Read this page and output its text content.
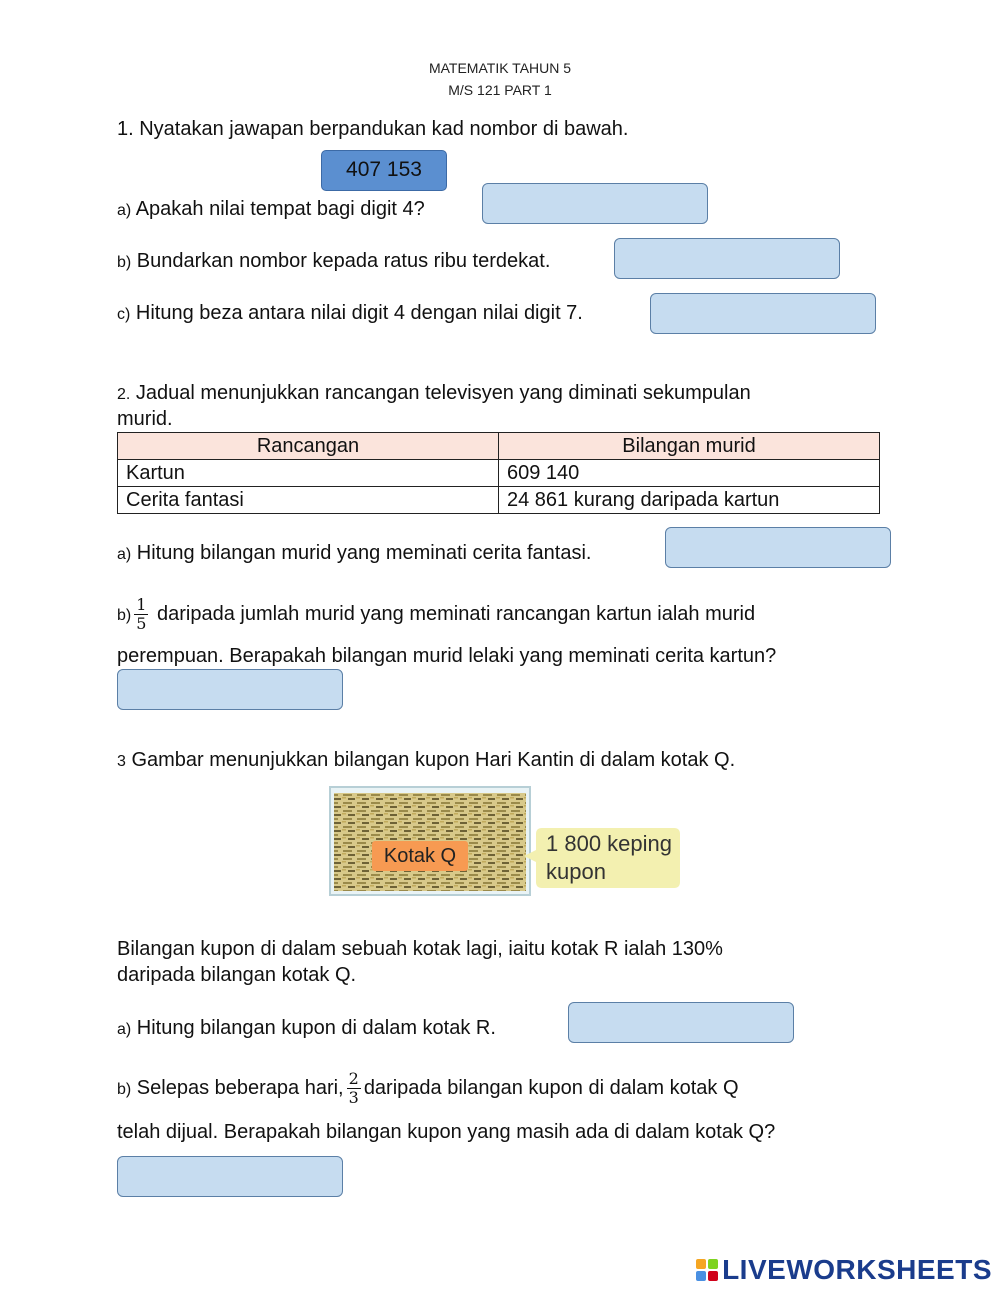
MATEMATIK TAHUN 5
M/S 121 PART 1
1. Nyatakan jawapan berpandukan kad nombor di bawah.
407 153
a) Apakah nilai tempat bagi digit 4?
b) Bundarkan nombor kepada ratus ribu terdekat.
c) Hitung beza antara nilai digit 4 dengan nilai digit 7.
2. Jadual menunjukkan rancangan televisyen yang diminati sekumpulan
murid.
Rancangan	Bilangan murid
Kartun	609 140
Cerita fantasi	24 861 kurang daripada kartun
a) Hitung bilangan murid yang meminati cerita fantasi.
$b) \frac{1}{5}$ daripada jumlah murid yang meminati rancangan kartun ialah murid
perempuan. Berapakah bilangan murid lelaki yang meminati cerita kartun?
3 Gambar menunjukkan bilangan kupon Hari Kantin di dalam kotak Q.
Kotak Q	1 800 keping
kupon
Bilangan kupon di dalam sebuah kotak lagi, iaitu kotak R ialah 130%
daripada bilangan kotak Q.
a) Hitung bilangan kupon di dalam kotak R.
b) Selepas beberapa hari, $\frac{2}{3}$ daripada bilangan kupon di dalam kotak Q
telah dijual. Berapakah bilangan kupon yang masih ada di dalam kotak Q?
LIVEWORKSHEETS
